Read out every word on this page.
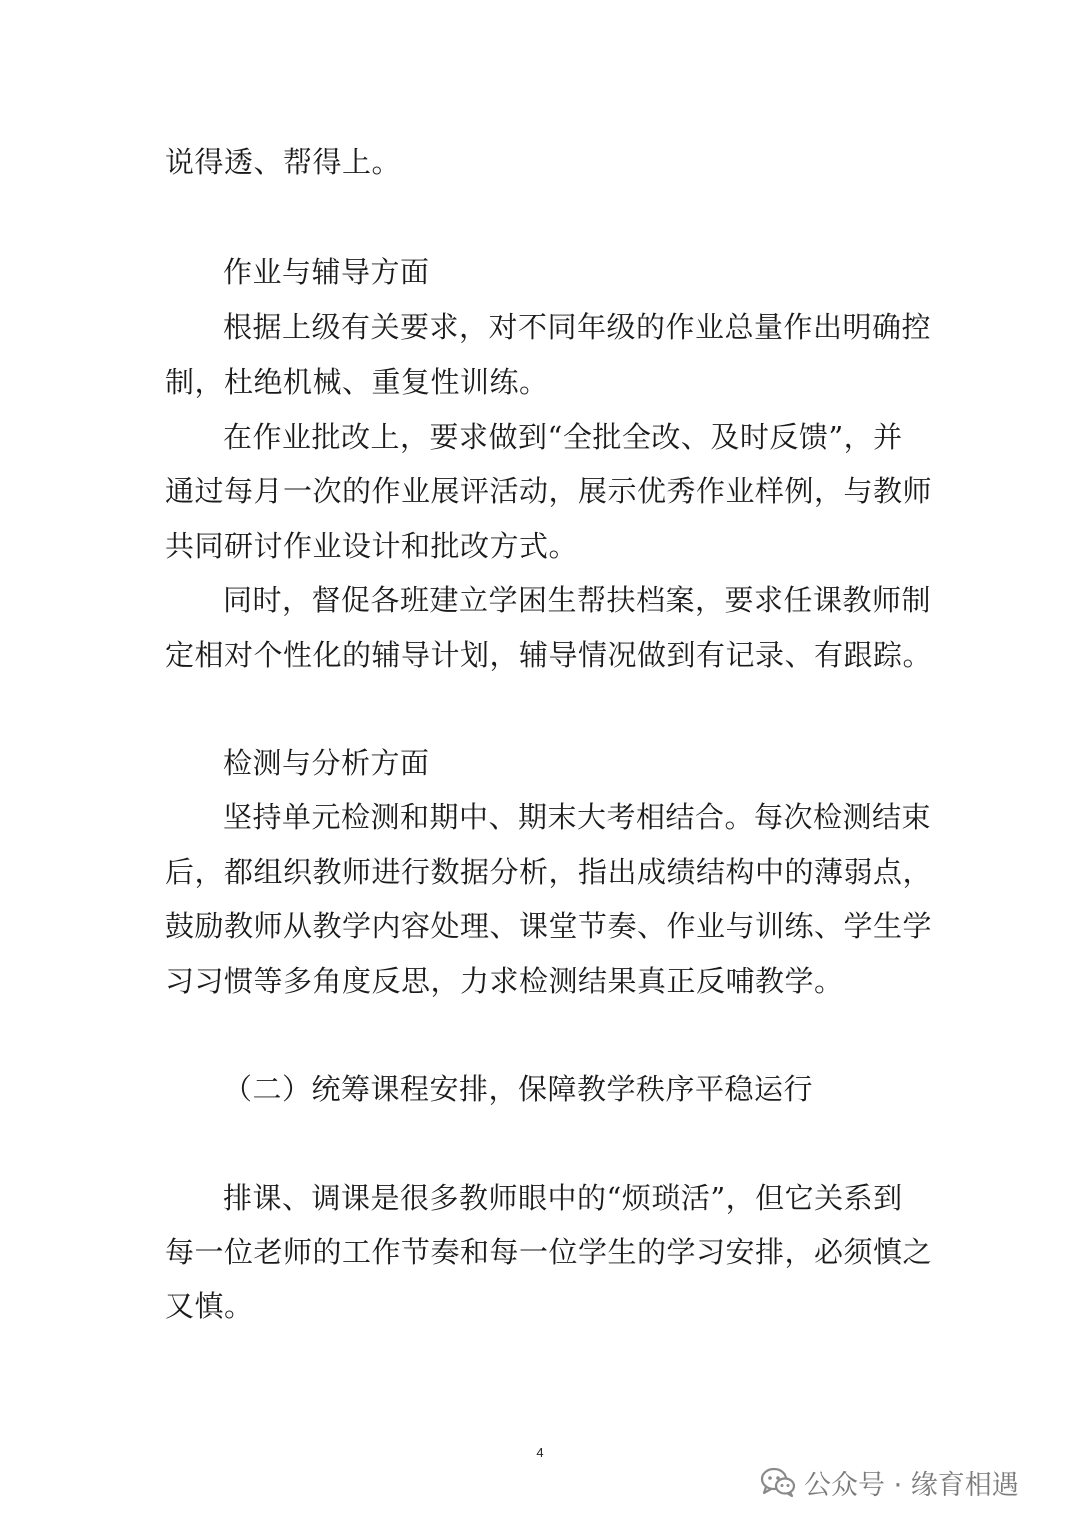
说得透、帮得上。
作业与辅导方面
根据上级有关要求，对不同年级的作业总量作出明确控
制，杜绝机械、重复性训练。
在作业批改上，要求做到“全批全改、及时反馈”，并
通过每月一次的作业展评活动，展示优秀作业样例，与教师
共同研讨作业设计和批改方式。
同时，督促各班建立学困生帮扶档案，要求任课教师制
定相对个性化的辅导计划，辅导情况做到有记录、有跟踪。
检测与分析方面
坚持单元检测和期中、期末大考相结合。每次检测结束
后，都组织教师进行数据分析，指出成绩结构中的薄弱点，
鼓励教师从教学内容处理、课堂节奏、作业与训练、学生学
习习惯等多角度反思，力求检测结果真正反哺教学。
（二）统筹课程安排，保障教学秩序平稳运行
排课、调课是很多教师眼中的“烦琐活”，但它关系到
每一位老师的工作节奏和每一位学生的学习安排，必须慎之
又慎。
4
公众号 · 缘育相遇
